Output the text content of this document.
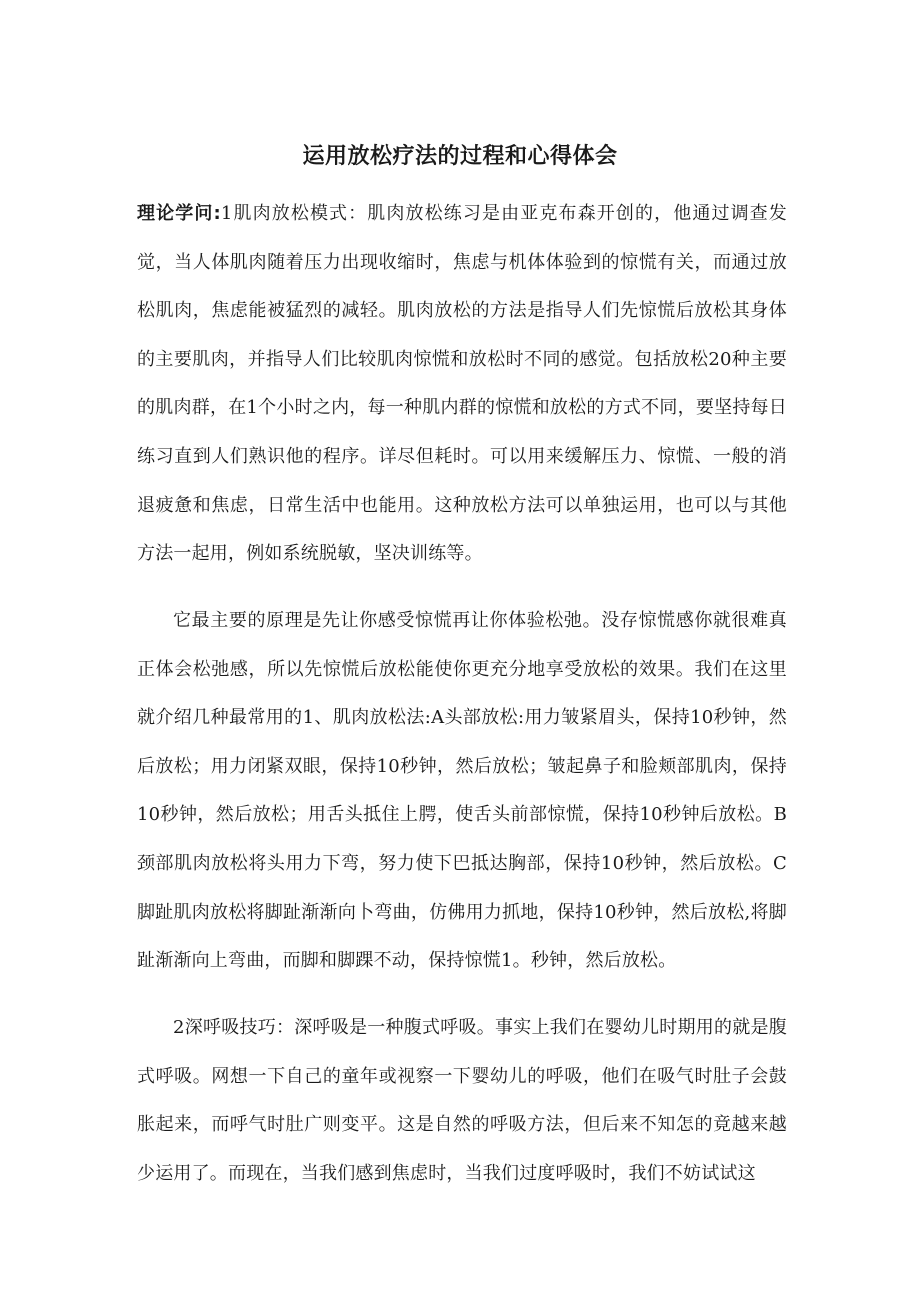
运用放松疗法的过程和心得体会

理论学问:1肌肉放松模式：肌肉放松练习是由亚克布森开创的，他通过调查发觉，当人体肌肉随着压力出现收缩时，焦虑与机体体验到的惊慌有关，而通过放松肌肉，焦虑能被猛烈的减轻。肌肉放松的方法是指导人们先惊慌后放松其身体的主要肌肉，并指导人们比较肌肉惊慌和放松时不同的感觉。包括放松20种主要的肌肉群，在1个小时之内，每一种肌内群的惊慌和放松的方式不同，要坚持每日练习直到人们熟识他的程序。详尽但耗时。可以用来缓解压力、惊慌、一般的消退疲惫和焦虑，日常生活中也能用。这种放松方法可以单独运用，也可以与其他方法一起用，例如系统脱敏，坚决训练等。

它最主要的原理是先让你感受惊慌再让你体验松弛。没存惊慌感你就很难真正体会松弛感，所以先惊慌后放松能使你更充分地享受放松的效果。我们在这里就介绍几种最常用的1、肌肉放松法:A头部放松:用力皱紧眉头，保持10秒钟，然后放松；用力闭紧双眼，保持10秒钟，然后放松；皱起鼻子和脸颊部肌肉，保持10秒钟，然后放松；用舌头抵住上腭，使舌头前部惊慌，保持10秒钟后放松。B颈部肌肉放松将头用力下弯，努力使下巴抵达胸部，保持10秒钟，然后放松。C脚趾肌肉放松将脚趾渐渐向卜弯曲，仿佛用力抓地，保持10秒钟，然后放松,将脚趾渐渐向上弯曲，而脚和脚踝不动，保持惊慌1。秒钟，然后放松。

2深呼吸技巧：深呼吸是一种腹式呼吸。事实上我们在婴幼儿时期用的就是腹式呼吸。网想一下自己的童年或视察一下婴幼儿的呼吸，他们在吸气时肚子会鼓胀起来，而呼气时肚广则变平。这是自然的呼吸方法，但后来不知怎的竟越来越少运用了。而现在，当我们感到焦虑时，当我们过度呼吸时，我们不妨试试这
